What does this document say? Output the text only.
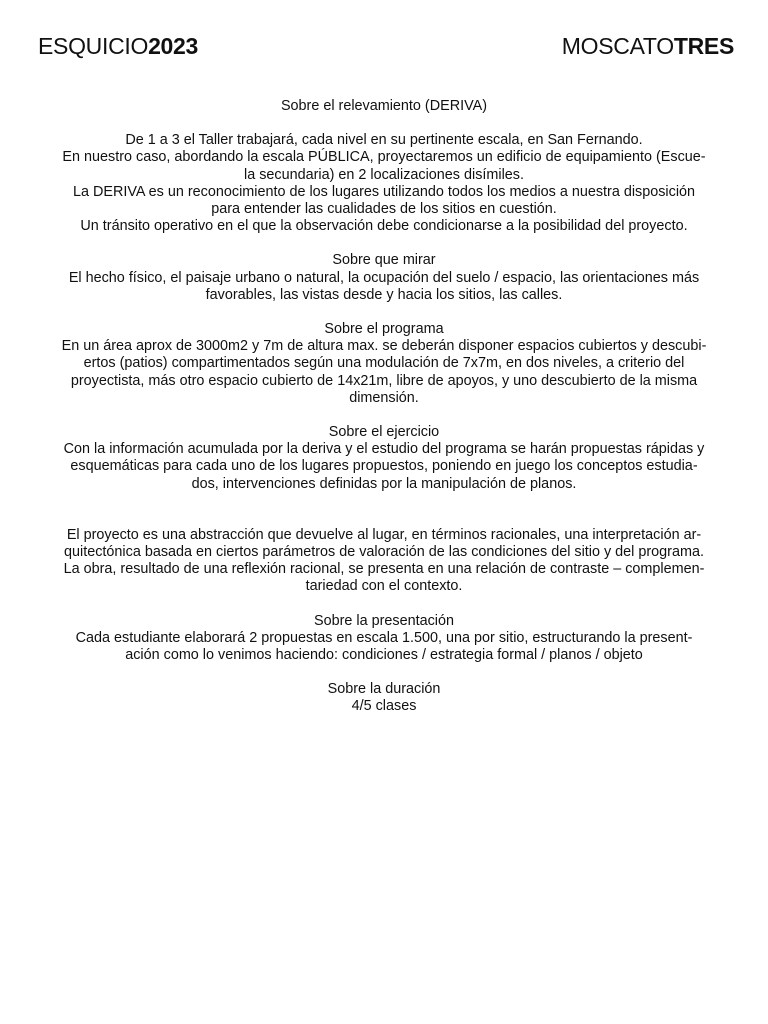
ESQUICIO2023	MOSCATOTRES
Sobre el relevamiento (DERIVA)
De 1 a 3 el Taller trabajará, cada nivel en su pertinente escala, en San Fernando.
En nuestro caso, abordando la escala PÚBLICA, proyectaremos un edificio de equipamiento (Escue-
la secundaria) en 2 localizaciones disímiles.
La DERIVA es un reconocimiento de los lugares utilizando todos los medios a nuestra disposición
para entender las cualidades de los sitios en cuestión.
Un tránsito operativo en el que la observación debe condicionarse a la posibilidad del proyecto.
Sobre que mirar
El hecho físico, el paisaje urbano o natural, la ocupación del suelo / espacio, las orientaciones más
favorables, las vistas desde y hacia los sitios, las calles.
Sobre el programa
En un área aprox de 3000m2 y 7m de altura max. se deberán disponer espacios cubiertos y descubi-
ertos (patios) compartimentados según una modulación de 7x7m, en dos niveles, a criterio del
proyectista, más otro espacio cubierto de 14x21m, libre de apoyos, y uno descubierto de la misma
dimensión.
Sobre el ejercicio
Con la información acumulada por la deriva y el estudio del programa se harán propuestas rápidas y
esquemáticas para cada uno de los lugares propuestos, poniendo en juego los conceptos estudia-
dos, intervenciones definidas por la manipulación de planos.
El proyecto es una abstracción que devuelve al lugar, en términos racionales, una interpretación ar-
quitectónica basada en ciertos parámetros de valoración de las condiciones del sitio y del programa.
La obra, resultado de una reflexión racional, se presenta en una relación de contraste – complemen-
tariedad con el contexto.
Sobre la presentación
Cada estudiante elaborará 2 propuestas en escala 1.500, una por sitio, estructurando la present-
ación como lo venimos haciendo: condiciones / estrategia formal / planos / objeto
Sobre la duración
4/5 clases
